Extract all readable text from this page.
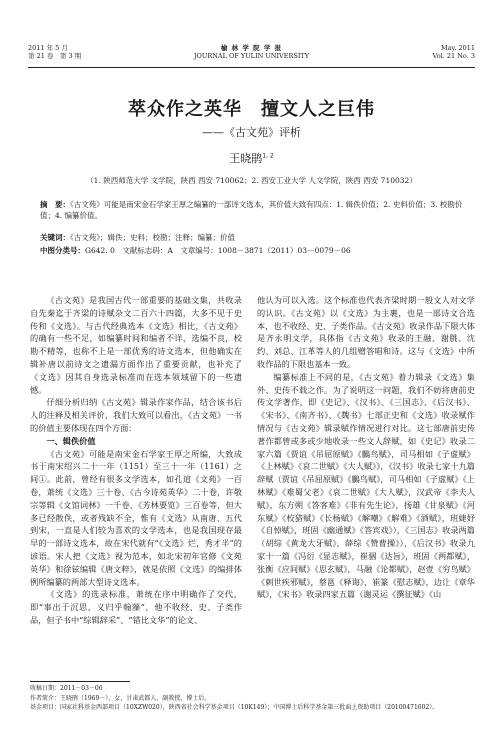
2011 年 5 月
第 21 卷　第 3 期
榆 林 学 院 学 报
JOURNAL OF YULIN UNIVERSITY
May. 2011
Vol. 21 No. 3
萃众作之英华　擅文人之巨伟
——《古文苑》评析
王晓鹃$^{1, 2}$
（1. 陕西师范大学 文学院，陕西 西安 710062；2. 西安工业大学 人文学院，陕西 西安 710032）
摘　要：《古文苑》可能是南宋金石学家王厚之编纂的一部诗文选本，其价值大致有四点：1. 辑佚价值；2. 史料价值；3. 校勘价值；4. 编纂价值。
关键词：《古文苑》；辑佚；史料；校勘；注释；编纂；价值
中图分类号：G642. 0　文献标志码：A　文章编号：1008－3871（2011）03－0079－06

《古文苑》是我国古代一部重要的基础文集，共收录自先秦迄于齐梁的诗赋杂文二百六十四篇，大多不见于史传和《文选》。与古代经典选本《文选》相比，《古文苑》的确有一些不足，如编纂时间和编者不详，选编不良，校勘不精等，也称不上是一部优秀的诗文选本，但他确实在辑补唐以前诗文之遗漏方面作出了重要贡献，也补充了《文选》因其自身选录标准而在选本领域留下的一些遗憾。

仔细分析归纳《古文苑》辑录作家作品，结合该书后人的注释及相关评价，我们大致可以看出，《古文苑》一书的价值主要体现在四个方面：

一、辑佚价值

《古文苑》可能是南宋金石学家王厚之所编，大致成书于南宋绍兴二十一年（1151）至三十一年（1161）之间①。此前，曾经有很多文学选本，如孔逭《文苑》一百卷，萧统《文选》三十卷、《古今诗苑英华》二十卷，许敬宗等辑《文馆词林》一千卷、《芳林要览》三百卷等，但大多已经散佚，或者残缺不全，惟有《文选》从南唐、五代到宋，一直是人们较为喜欢的文学选本，也是我国现存最早的一部诗文选本，故在宋代就有“《文选》烂，秀才半”的谚语。宋人把《文选》视为范本，如北宋初年官修《文苑英华》和徐铉编辑《唐文粹》，就是依照《文选》的编排体例所编纂的两部大型诗文选本。

《文选》的选录标准，萧统在序中明确作了交代，即“事出于沉思，义归乎翰藻”，他不收经、史、子类作品，但子书中“综辑辞采”、“错比文华”的论文、

他认为可以入选。这个标准也代表齐梁时期一般文人对文学的认识。《古文苑》以《文选》为主裹，也是一部诗文合选本，也不收经、史、子类作品。《古文苑》收录作品下限大体是齐永明文学，具体指《古文苑》收录的王融、谢朓、沈约、刘总、江革等人的几组赠答唱和诗。这与《文选》中所收作品的下限也基本一致。

编纂标准上不同的是，《古文苑》着力辑录《文选》集外、史传不载之作。为了说明这一问题，我们不妨将唐前史传文学著作，即《史记》、《汉书》、《三国志》、《后汉书》、《宋书》、《南齐书》、《魏书》七部正史和《文选》收录赋作情况与《古文苑》辑录赋作情况进行对比。这七部唐前史传著作都曾或多或少地收录一些文人辞赋，如《史记》收录二家六篇《贾谊《吊屈原赋》《鵩鸟赋》，司马相如《子虚赋》《上林赋》《哀二世赋》《大人赋》》，《汉书》收录七家十九篇辞赋（贾谊《吊屈原赋》《鵩鸟赋》，司马相如《子虚赋》《上林赋》《难蜀父老》《哀二世赋》《大人赋》，汉武帝《李夫人赋》，东方朔《答客难》《非有先生论》，扬雄《甘泉赋》《河东赋》《校猎赋》《长杨赋》《解嘲》《解难》《酒赋》，班婕妤《自悼赋》，班固《幽通赋》《答宾戏》），《三国志》收录两篇（胡综《黄龙大牙赋》，薛综《赞曹操》），《后汉书》收录九家十一篇《冯衍《显志赋》，崔骃《达旨》，班固《两都赋》，张衡《应间赋》《思玄赋》，马融《论都赋》，赵壹《穷鸟赋》《刺世疾邪赋》，蔡邕《释诲》，崔篆《慰志赋》，边让《章华赋》，《宋书》收录四家五篇（谢灵运《撰征赋》《山

收稿日期：2011－03－06
作者简介：王晓鹃（1969－），女，甘肃武都人，副教授，博士后。
基金项目：国家社科基金西部项目（10XZW020），陕西省社会科学基金项目（10K149）；中国博士后科学基金第三批面上资助项目（20100471602）。
